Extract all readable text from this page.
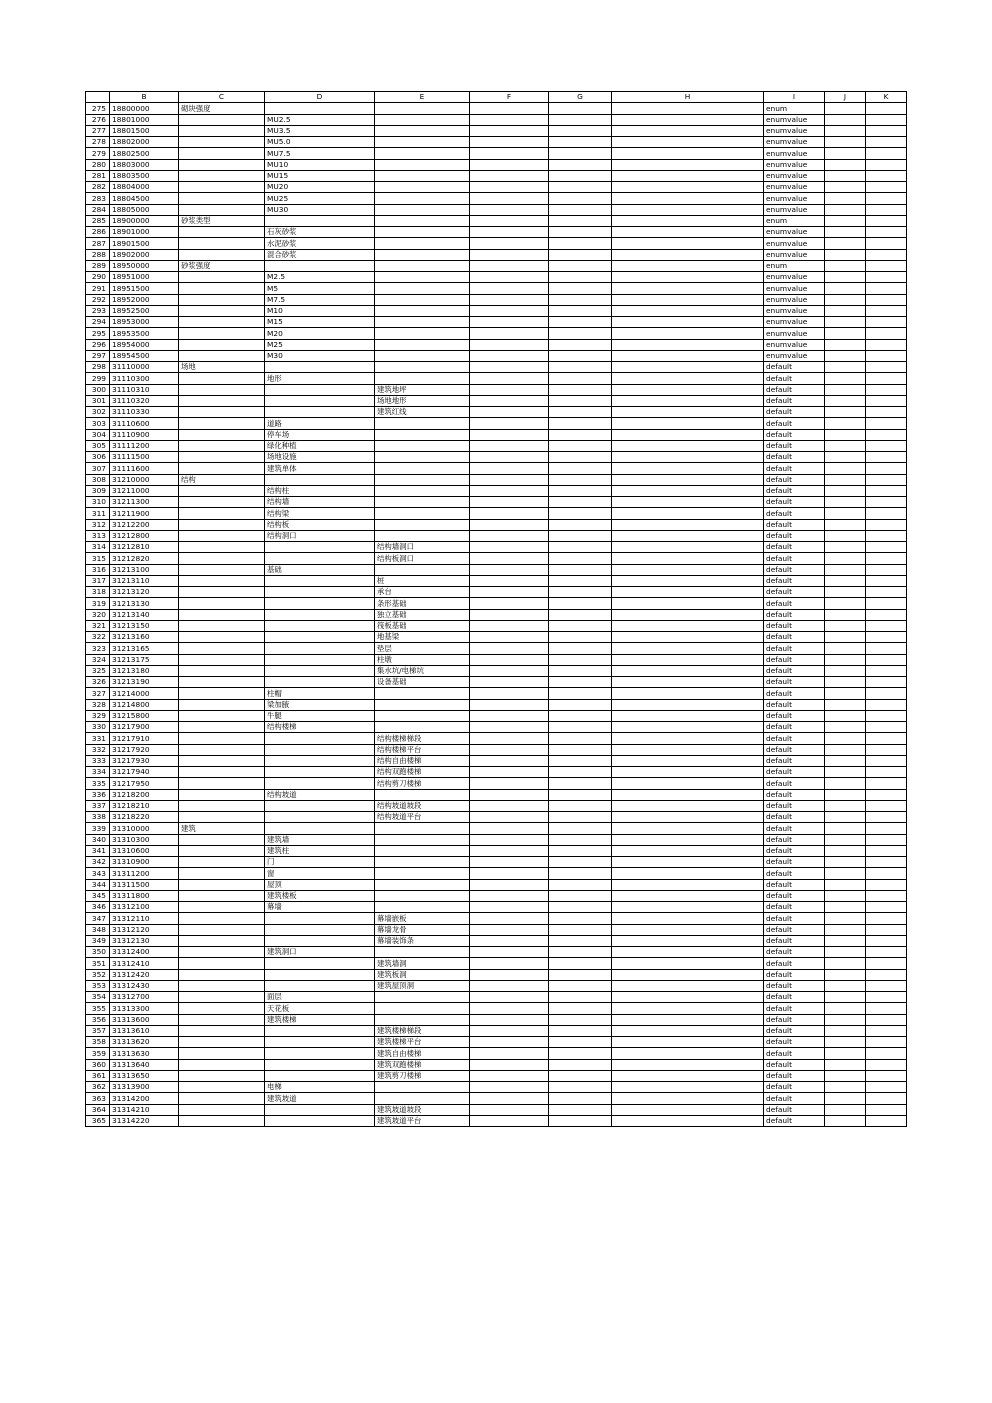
	B	C	D	E	F	G	H	I	J	K
275	18800000	砌块强度						enum		
276	18801000		MU2.5					enumvalue		
277	18801500		MU3.5					enumvalue		
278	18802000		MU5.0					enumvalue		
279	18802500		MU7.5					enumvalue		
280	18803000		MU10					enumvalue		
281	18803500		MU15					enumvalue		
282	18804000		MU20					enumvalue		
283	18804500		MU25					enumvalue		
284	18805000		MU30					enumvalue		
285	18900000	砂浆类型						enum		
286	18901000		石灰砂浆					enumvalue		
287	18901500		水泥砂浆					enumvalue		
288	18902000		混合砂浆					enumvalue		
289	18950000	砂浆强度						enum		
290	18951000		M2.5					enumvalue		
291	18951500		M5					enumvalue		
292	18952000		M7.5					enumvalue		
293	18952500		M10					enumvalue		
294	18953000		M15					enumvalue		
295	18953500		M20					enumvalue		
296	18954000		M25					enumvalue		
297	18954500		M30					enumvalue		
298	31110000	场地						default		
299	31110300		地形					default		
300	31110310			建筑地坪				default		
301	31110320			场地地形				default		
302	31110330			建筑红线				default		
303	31110600		道路					default		
304	31110900		停车场					default		
305	31111200		绿化种植					default		
306	31111500		场地设施					default		
307	31111600		建筑单体					default		
308	31210000	结构						default		
309	31211000		结构柱					default		
310	31211300		结构墙					default		
311	31211900		结构梁					default		
312	31212200		结构板					default		
313	31212800		结构洞口					default		
314	31212810			结构墙洞口				default		
315	31212820			结构板洞口				default		
316	31213100		基础					default		
317	31213110			桩				default		
318	31213120			承台				default		
319	31213130			条形基础				default		
320	31213140			独立基础				default		
321	31213150			筏板基础				default		
322	31213160			地基梁				default		
323	31213165			垫层				default		
324	31213175			柱墩				default		
325	31213180			集水坑/电梯坑				default		
326	31213190			设备基础				default		
327	31214000		柱帽					default		
328	31214800		梁加腋					default		
329	31215800		牛腿					default		
330	31217900		结构楼梯					default		
331	31217910			结构楼梯梯段				default		
332	31217920			结构楼梯平台				default		
333	31217930			结构自由楼梯				default		
334	31217940			结构双跑楼梯				default		
335	31217950			结构剪刀楼梯				default		
336	31218200		结构坡道					default		
337	31218210			结构坡道坡段				default		
338	31218220			结构坡道平台				default		
339	31310000	建筑						default		
340	31310300		建筑墙					default		
341	31310600		建筑柱					default		
342	31310900		门					default		
343	31311200		窗					default		
344	31311500		屋顶					default		
345	31311800		建筑楼板					default		
346	31312100		幕墙					default		
347	31312110			幕墙嵌板				default		
348	31312120			幕墙龙骨				default		
349	31312130			幕墙装饰条				default		
350	31312400		建筑洞口					default		
351	31312410			建筑墙洞				default		
352	31312420			建筑板洞				default		
353	31312430			建筑屋顶洞				default		
354	31312700		面层					default		
355	31313300		天花板					default		
356	31313600		建筑楼梯					default		
357	31313610			建筑楼梯梯段				default		
358	31313620			建筑楼梯平台				default		
359	31313630			建筑自由楼梯				default		
360	31313640			建筑双跑楼梯				default		
361	31313650			建筑剪刀楼梯				default		
362	31313900		电梯					default		
363	31314200		建筑坡道					default		
364	31314210			建筑坡道坡段				default		
365	31314220			建筑坡道平台				default		
